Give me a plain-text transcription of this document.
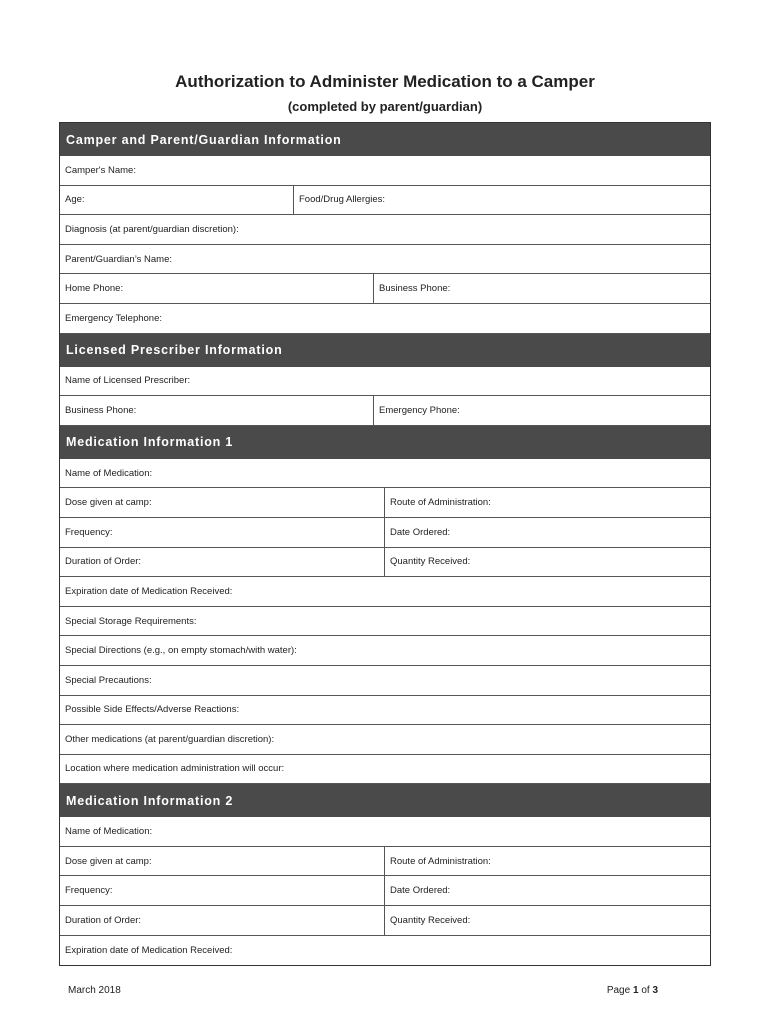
Authorization to Administer Medication to a Camper
(completed by parent/guardian)
Camper and Parent/Guardian Information
Camper's Name:
Age:	Food/Drug Allergies:
Diagnosis (at parent/guardian discretion):
Parent/Guardian’s Name:
Home Phone:	Business Phone:
Emergency Telephone:
Licensed Prescriber Information
Name of Licensed Prescriber:
Business Phone:	Emergency Phone:
Medication Information 1
Name of Medication:
Dose given at camp:	Route of Administration:
Frequency:	Date Ordered:
Duration of Order:	Quantity Received:
Expiration date of Medication Received:
Special Storage Requirements:
Special Directions (e.g., on empty stomach/with water):
Special Precautions:
Possible Side Effects/Adverse Reactions:
Other medications (at parent/guardian discretion):
Location where medication administration will occur:
Medication Information 2
Name of Medication:
Dose given at camp:	Route of Administration:
Frequency:	Date Ordered:
Duration of Order:	Quantity Received:
Expiration date of Medication Received:
March 2018	Page 1 of 3
